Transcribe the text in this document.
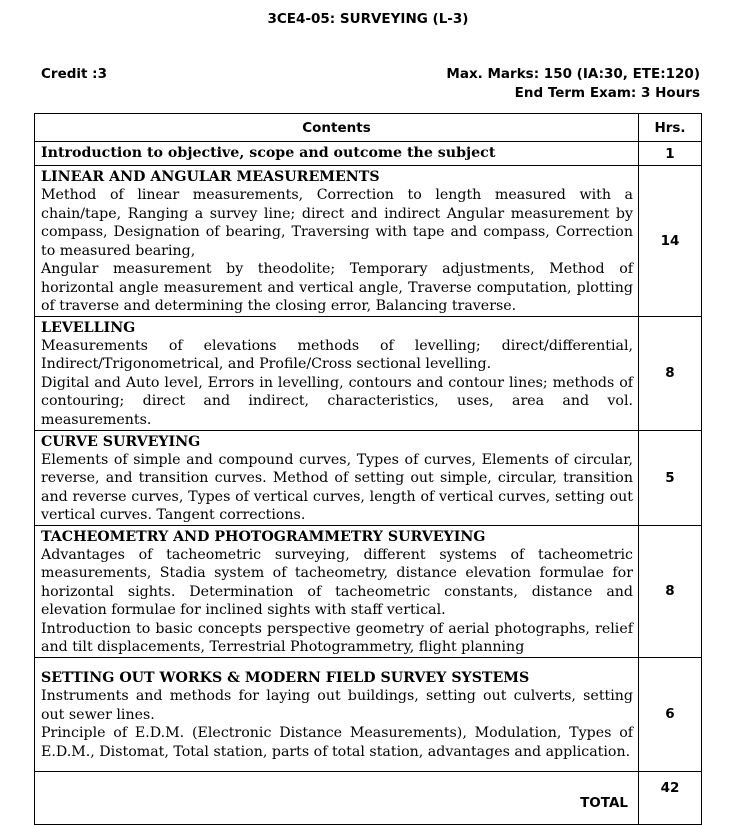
3CE4-05: SURVEYING (L-3)
Credit :3	Max. Marks: 150 (IA:30, ETE:120)
End Term Exam: 3 Hours
Contents	Hrs.
Introduction to objective, scope and outcome the subject	1

LINEAR AND ANGULAR MEASUREMENTS

Method of linear measurements, Correction to length measured with a chain/tape, Ranging a survey line; direct and indirect Angular measurement by compass, Designation of bearing, Traversing with tape and compass, Correction to measured bearing,

Angular measurement by theodolite; Temporary adjustments, Method of horizontal angle measurement and vertical angle, Traverse computation, plotting of traverse and determining the closing error, Balancing traverse.	14

LEVELLING

Measurements of elevations methods of levelling; direct/differential, Indirect/Trigonometrical, and Profile/Cross sectional levelling.

Digital and Auto level, Errors in levelling, contours and contour lines; methods of contouring; direct and indirect, characteristics, uses, area and vol. measurements.	8

CURVE SURVEYING

Elements of simple and compound curves, Types of curves, Elements of circular, reverse, and transition curves. Method of setting out simple, circular, transition and reverse curves, Types of vertical curves, length of vertical curves, setting out vertical curves. Tangent corrections.	5

TACHEOMETRY AND PHOTOGRAMMETRY SURVEYING

Advantages of tacheometric surveying, different systems of tacheometric measurements, Stadia system of tacheometry, distance elevation formulae for horizontal sights. Determination of tacheometric constants, distance and elevation formulae for inclined sights with staff vertical.

Introduction to basic concepts perspective geometry of aerial photographs, relief and tilt displacements, Terrestrial Photogrammetry, flight planning	8

SETTING OUT WORKS & MODERN FIELD SURVEY SYSTEMS

Instruments and methods for laying out buildings, setting out culverts, setting out sewer lines.

Principle of E.D.M. (Electronic Distance Measurements), Modulation, Types of E.D.M., Distomat, Total station, parts of total station, advantages and application.	6
TOTAL	42
